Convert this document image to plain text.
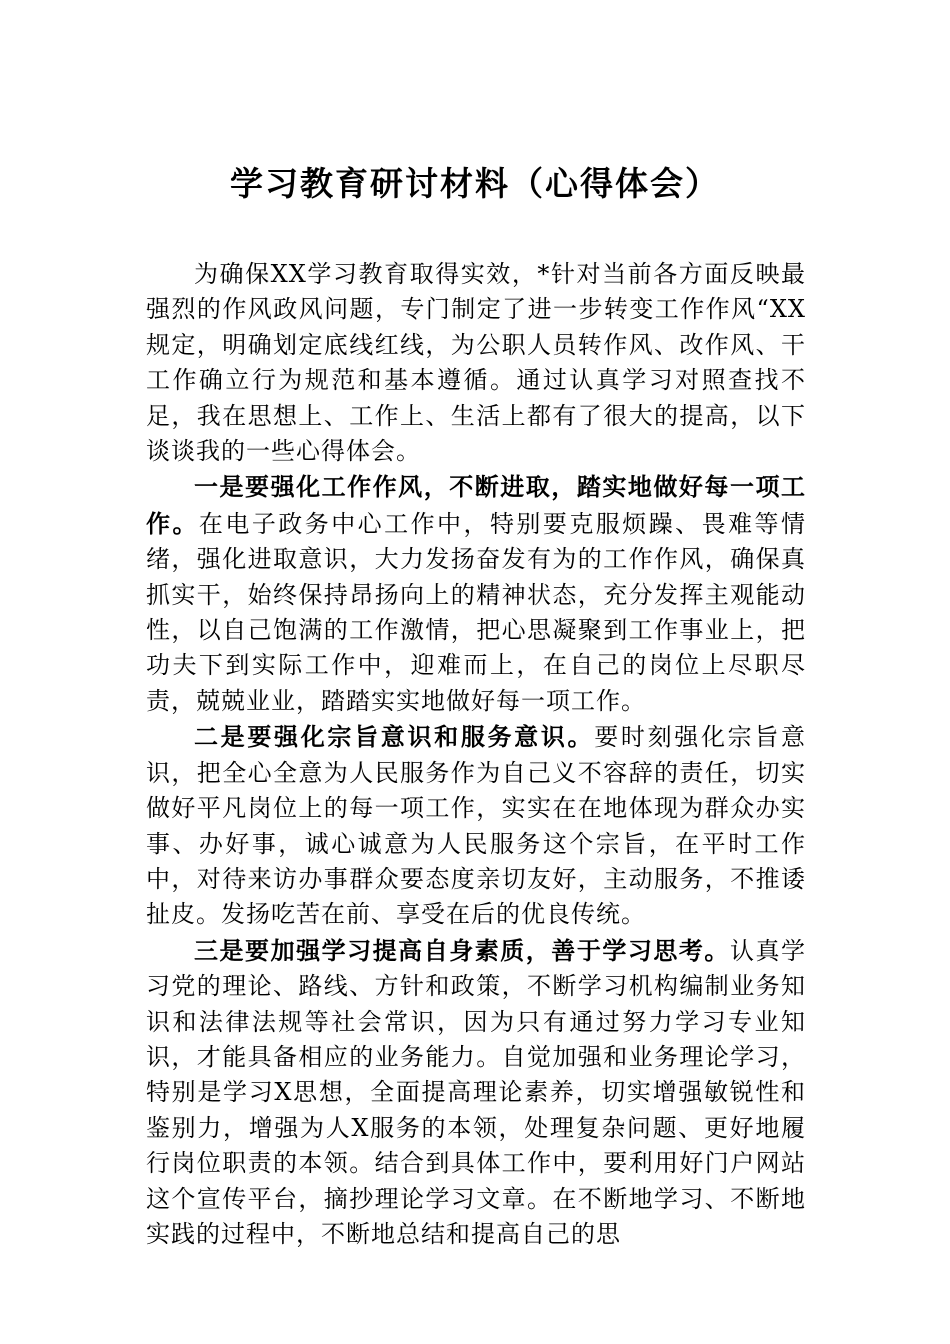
学习教育研讨材料（心得体会）

为确保XX学习教育取得实效，*针对当前各方面反映最强烈的作风政风问题，专门制定了进一步转变工作作风“XX规定，明确划定底线红线，为公职人员转作风、改作风、干工作确立行为规范和基本遵循。通过认真学习对照查找不足，我在思想上、工作上、生活上都有了很大的提高，以下谈谈我的一些心得体会。

一是要强化工作作风，不断进取，踏实地做好每一项工作。在电子政务中心工作中，特别要克服烦躁、畏难等情绪，强化进取意识，大力发扬奋发有为的工作作风，确保真抓实干，始终保持昂扬向上的精神状态，充分发挥主观能动性，以自己饱满的工作激情，把心思凝聚到工作事业上，把功夫下到实际工作中，迎难而上，在自己的岗位上尽职尽责，兢兢业业，踏踏实实地做好每一项工作。

二是要强化宗旨意识和服务意识。要时刻强化宗旨意识，把全心全意为人民服务作为自己义不容辞的责任，切实做好平凡岗位上的每一项工作，实实在在地体现为群众办实事、办好事，诚心诚意为人民服务这个宗旨，在平时工作中，对待来访办事群众要态度亲切友好，主动服务，不推诿扯皮。发扬吃苦在前、享受在后的优良传统。

三是要加强学习提高自身素质，善于学习思考。认真学习党的理论、路线、方针和政策，不断学习机构编制业务知识和法律法规等社会常识，因为只有通过努力学习专业知识，才能具备相应的业务能力。自觉加强和业务理论学习，特别是学习X思想，全面提高理论素养，切实增强敏锐性和鉴别力，增强为人X服务的本领，处理复杂问题、更好地履行岗位职责的本领。结合到具体工作中，要利用好门户网站这个宣传平台，摘抄理论学习文章。在不断地学习、不断地实践的过程中，不断地总结和提高自己的思
